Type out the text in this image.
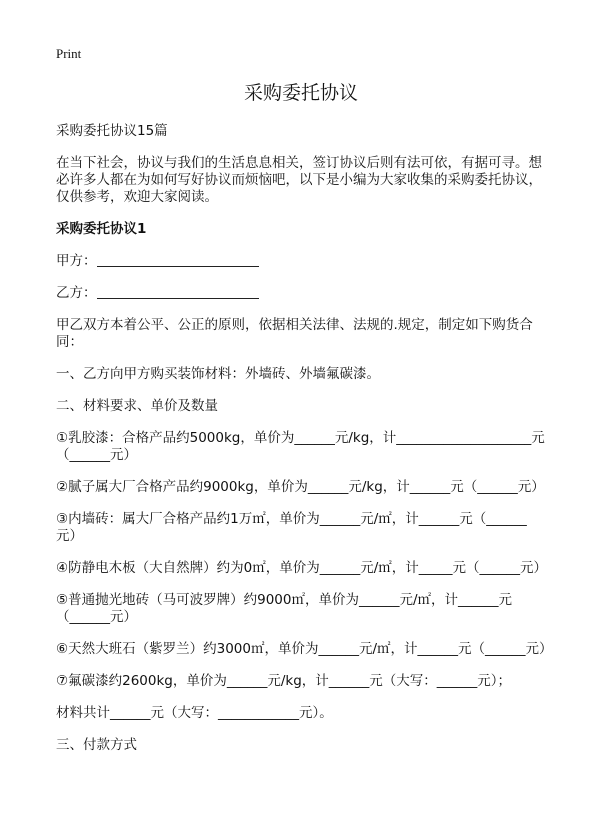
Print
采购委托协议

采购委托协议15篇

在当下社会，协议与我们的生活息息相关，签订协议后则有法可依，有据可寻。想必许多人都在为如何写好协议而烦恼吧，以下是小编为大家收集的采购委托协议，仅供参考，欢迎大家阅读。

采购委托协议1

甲方：

乙方：

甲乙双方本着公平、公正的原则，依据相关法律、法规的.规定，制定如下购货合同：

一、乙方向甲方购买装饰材料：外墙砖、外墙氟碳漆。

二、材料要求、单价及数量

①乳胶漆：合格产品约5000kg，单价为______元/kg，计____________________元（______元）

②腻子属大厂合格产品约9000kg，单价为______元/kg，计______元（______元）

③内墙砖：属大厂合格产品约1万㎡，单价为______元/㎡，计______元（______元）

④防静电木板（大自然牌）约为0㎡，单价为______元/㎡，计_____元（______元）

⑤普通抛光地砖（马可波罗牌）约9000㎡，单价为______元/㎡，计______元（______元）

⑥天然大班石（紫罗兰）约3000㎡，单价为______元/㎡，计______元（______元）

⑦氟碳漆约2600kg，单价为______元/kg，计______元（大写：______元）；

材料共计______元（大写：____________元）。

三、付款方式
